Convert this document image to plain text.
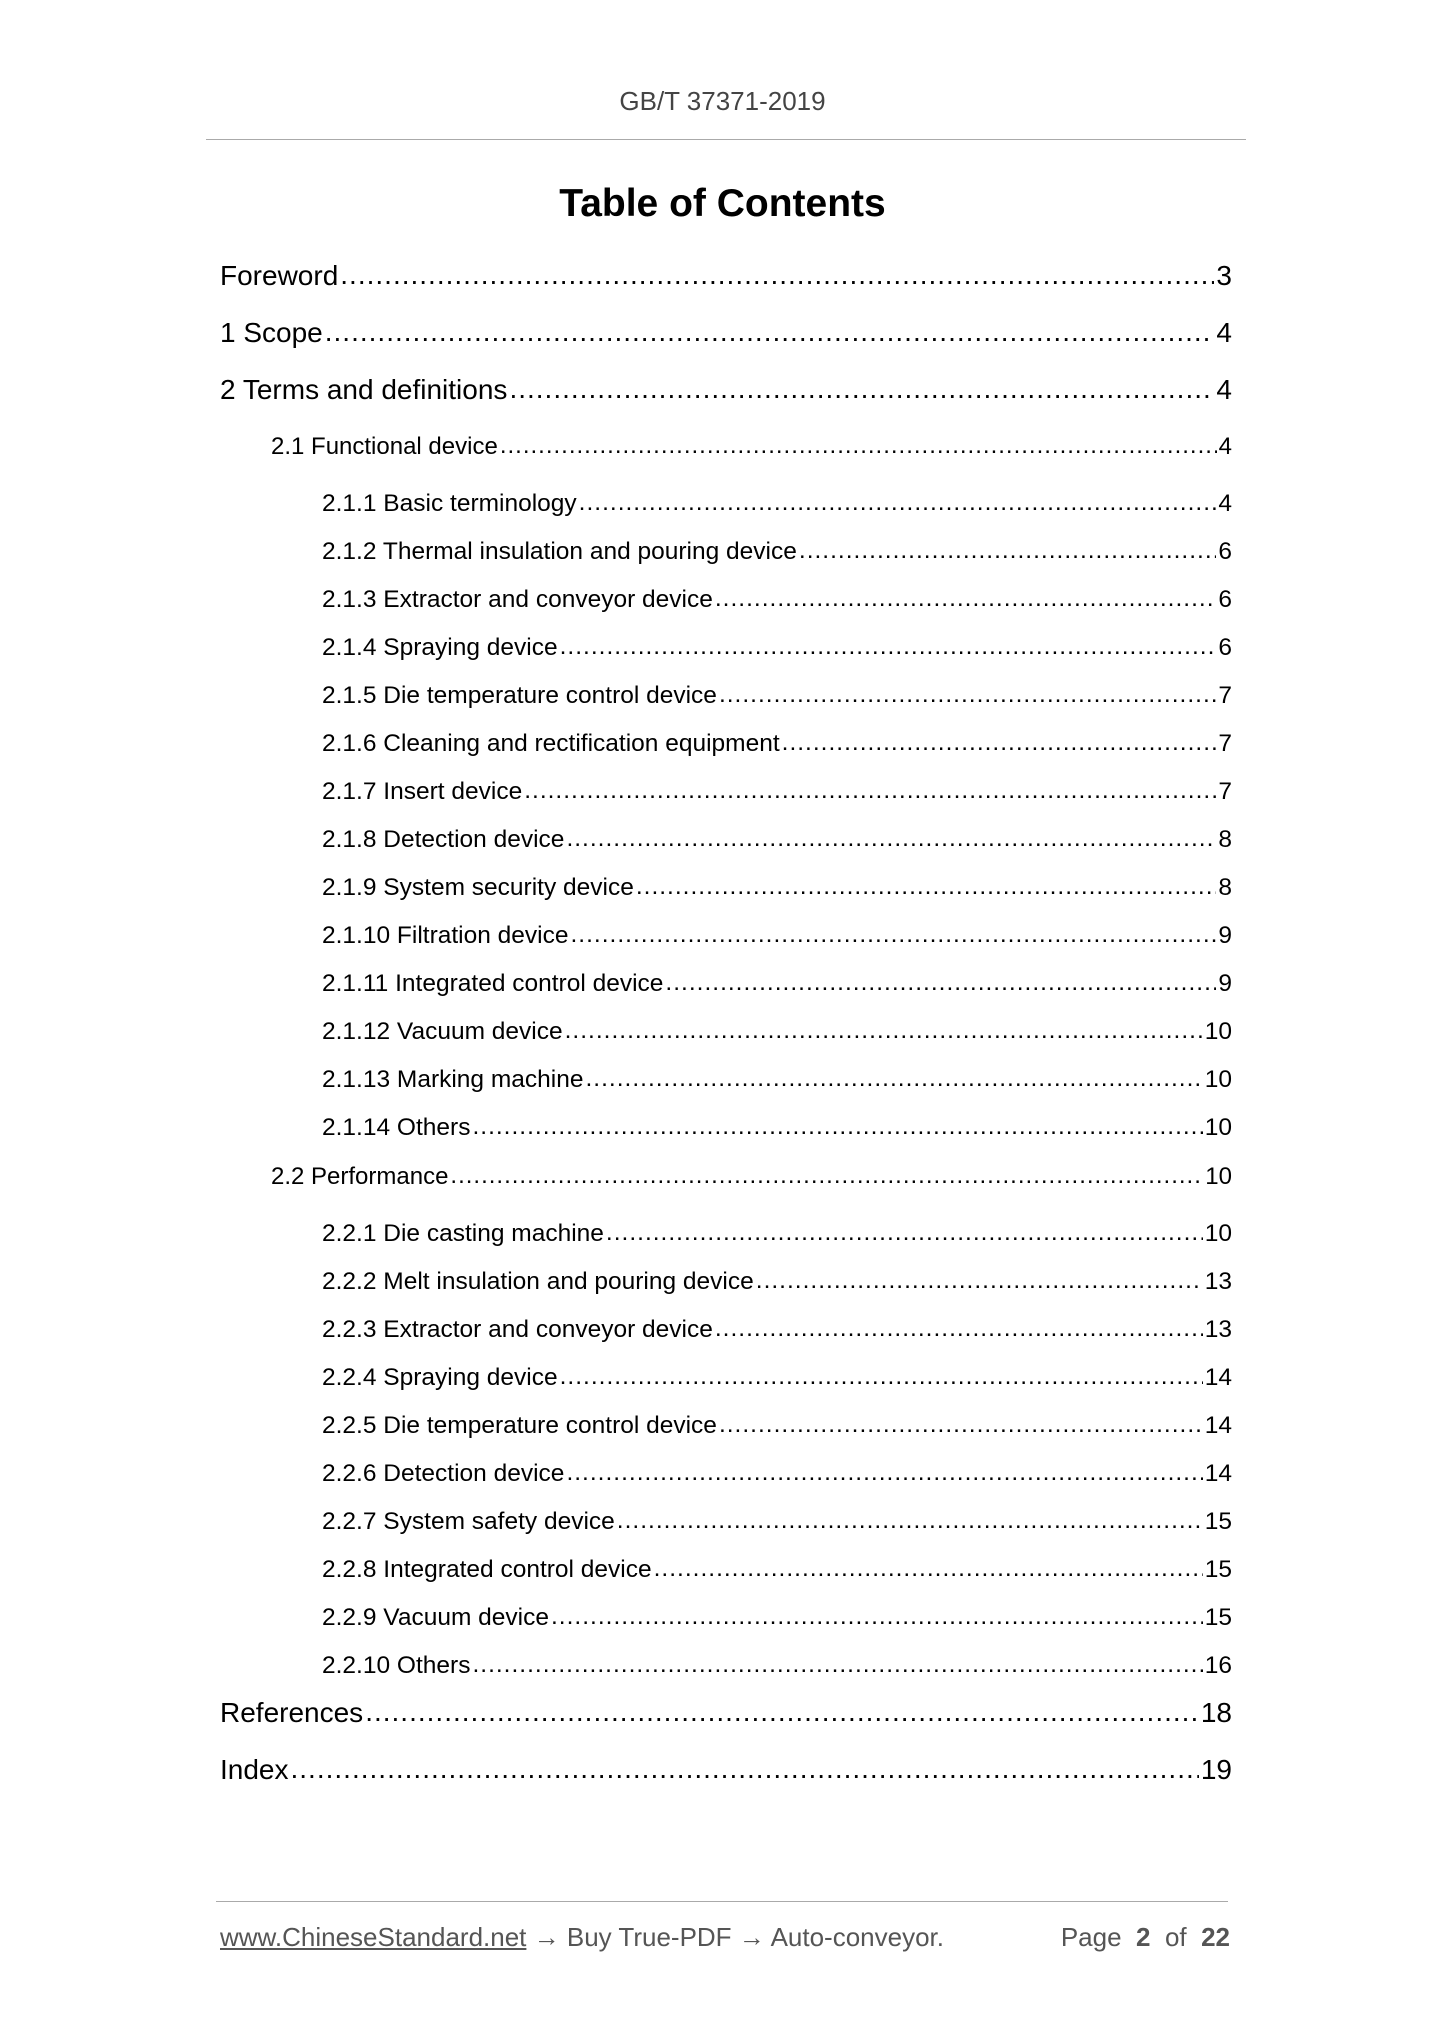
GB/T 37371-2019
Table of Contents
Foreword .....	3
1 Scope .....	4
2 Terms and definitions .....	4
2.1 Functional device .....	4
2.1.1 Basic terminology .....	4
2.1.2 Thermal insulation and pouring device .....	6
2.1.3 Extractor and conveyor device .....	6
2.1.4 Spraying device .....	6
2.1.5 Die temperature control device .....	7
2.1.6 Cleaning and rectification equipment .....	7
2.1.7 Insert device .....	7
2.1.8 Detection device .....	8
2.1.9 System security device .....	8
2.1.10 Filtration device .....	9
2.1.11 Integrated control device .....	9
2.1.12 Vacuum device .....	10
2.1.13 Marking machine .....	10
2.1.14 Others .....	10
2.2 Performance .....	10
2.2.1 Die casting machine .....	10
2.2.2 Melt insulation and pouring device .....	13
2.2.3 Extractor and conveyor device .....	13
2.2.4 Spraying device .....	14
2.2.5 Die temperature control device .....	14
2.2.6 Detection device .....	14
2.2.7 System safety device .....	15
2.2.8 Integrated control device .....	15
2.2.9 Vacuum device .....	15
2.2.10 Others .....	16
References .....	18
Index .....	19
www.ChineseStandard.net → Buy True-PDF → Auto-conveyor.	Page 2 of 22
